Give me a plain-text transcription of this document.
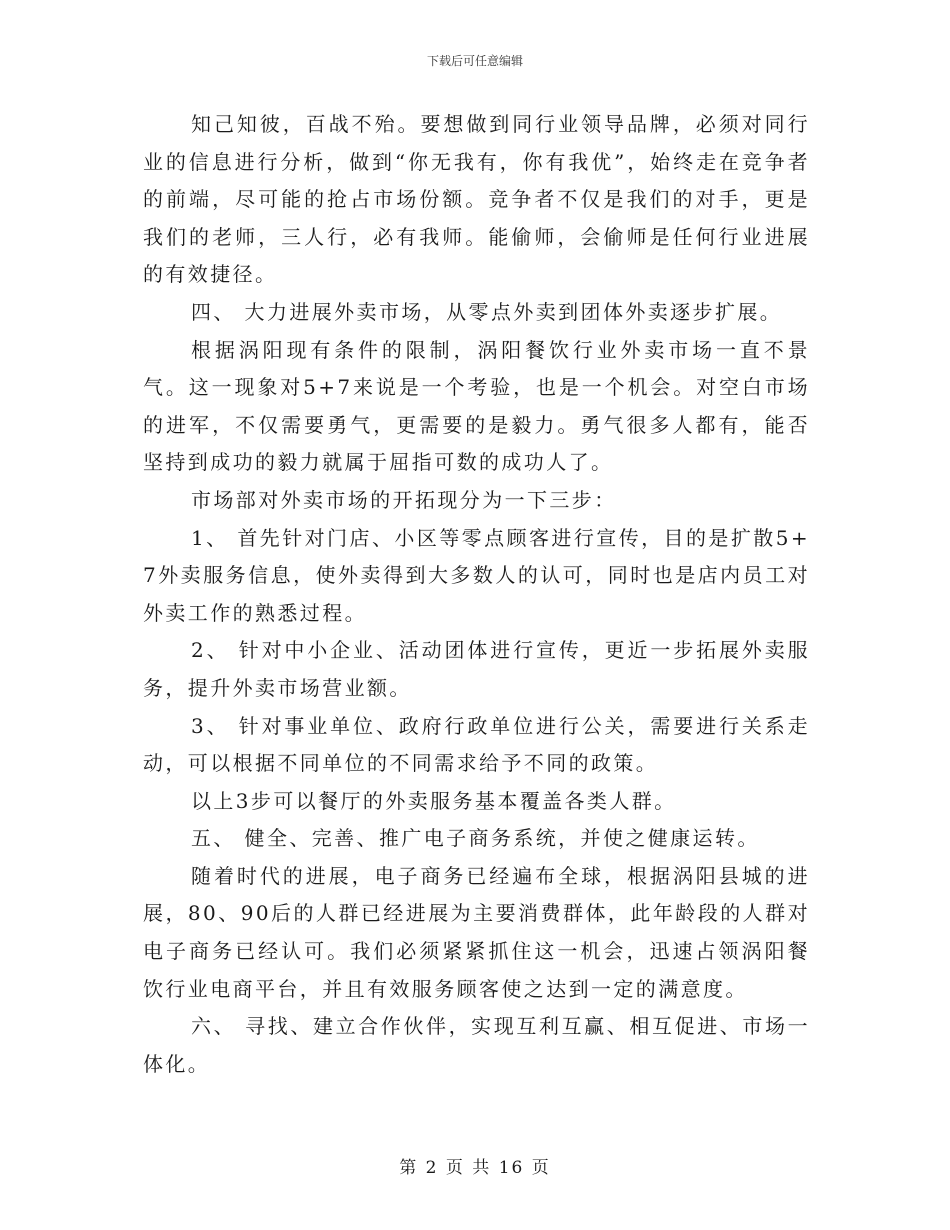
下载后可任意编辑

知己知彼，百战不殆。要想做到同行业领导品牌，必须对同行业的信息进行分析，做到“你无我有，你有我优”，始终走在竞争者的前端，尽可能的抢占市场份额。竞争者不仅是我们的对手，更是我们的老师，三人行，必有我师。能偷师，会偷师是任何行业进展的有效捷径。

四、 大力进展外卖市场，从零点外卖到团体外卖逐步扩展。

根据涡阳现有条件的限制，涡阳餐饮行业外卖市场一直不景气。这一现象对5+7来说是一个考验，也是一个机会。对空白市场的进军，不仅需要勇气，更需要的是毅力。勇气很多人都有，能否坚持到成功的毅力就属于屈指可数的成功人了。

市场部对外卖市场的开拓现分为一下三步：

1、 首先针对门店、小区等零点顾客进行宣传，目的是扩散5+7外卖服务信息，使外卖得到大多数人的认可，同时也是店内员工对外卖工作的熟悉过程。

2、 针对中小企业、活动团体进行宣传，更近一步拓展外卖服务，提升外卖市场营业额。

3、 针对事业单位、政府行政单位进行公关，需要进行关系走动，可以根据不同单位的不同需求给予不同的政策。

以上3步可以餐厅的外卖服务基本覆盖各类人群。

五、 健全、完善、推广电子商务系统，并使之健康运转。

随着时代的进展，电子商务已经遍布全球，根据涡阳县城的进展，80、90后的人群已经进展为主要消费群体，此年龄段的人群对电子商务已经认可。我们必须紧紧抓住这一机会，迅速占领涡阳餐饮行业电商平台，并且有效服务顾客使之达到一定的满意度。

六、 寻找、建立合作伙伴，实现互利互赢、相互促进、市场一体化。

第 2 页 共 16 页
